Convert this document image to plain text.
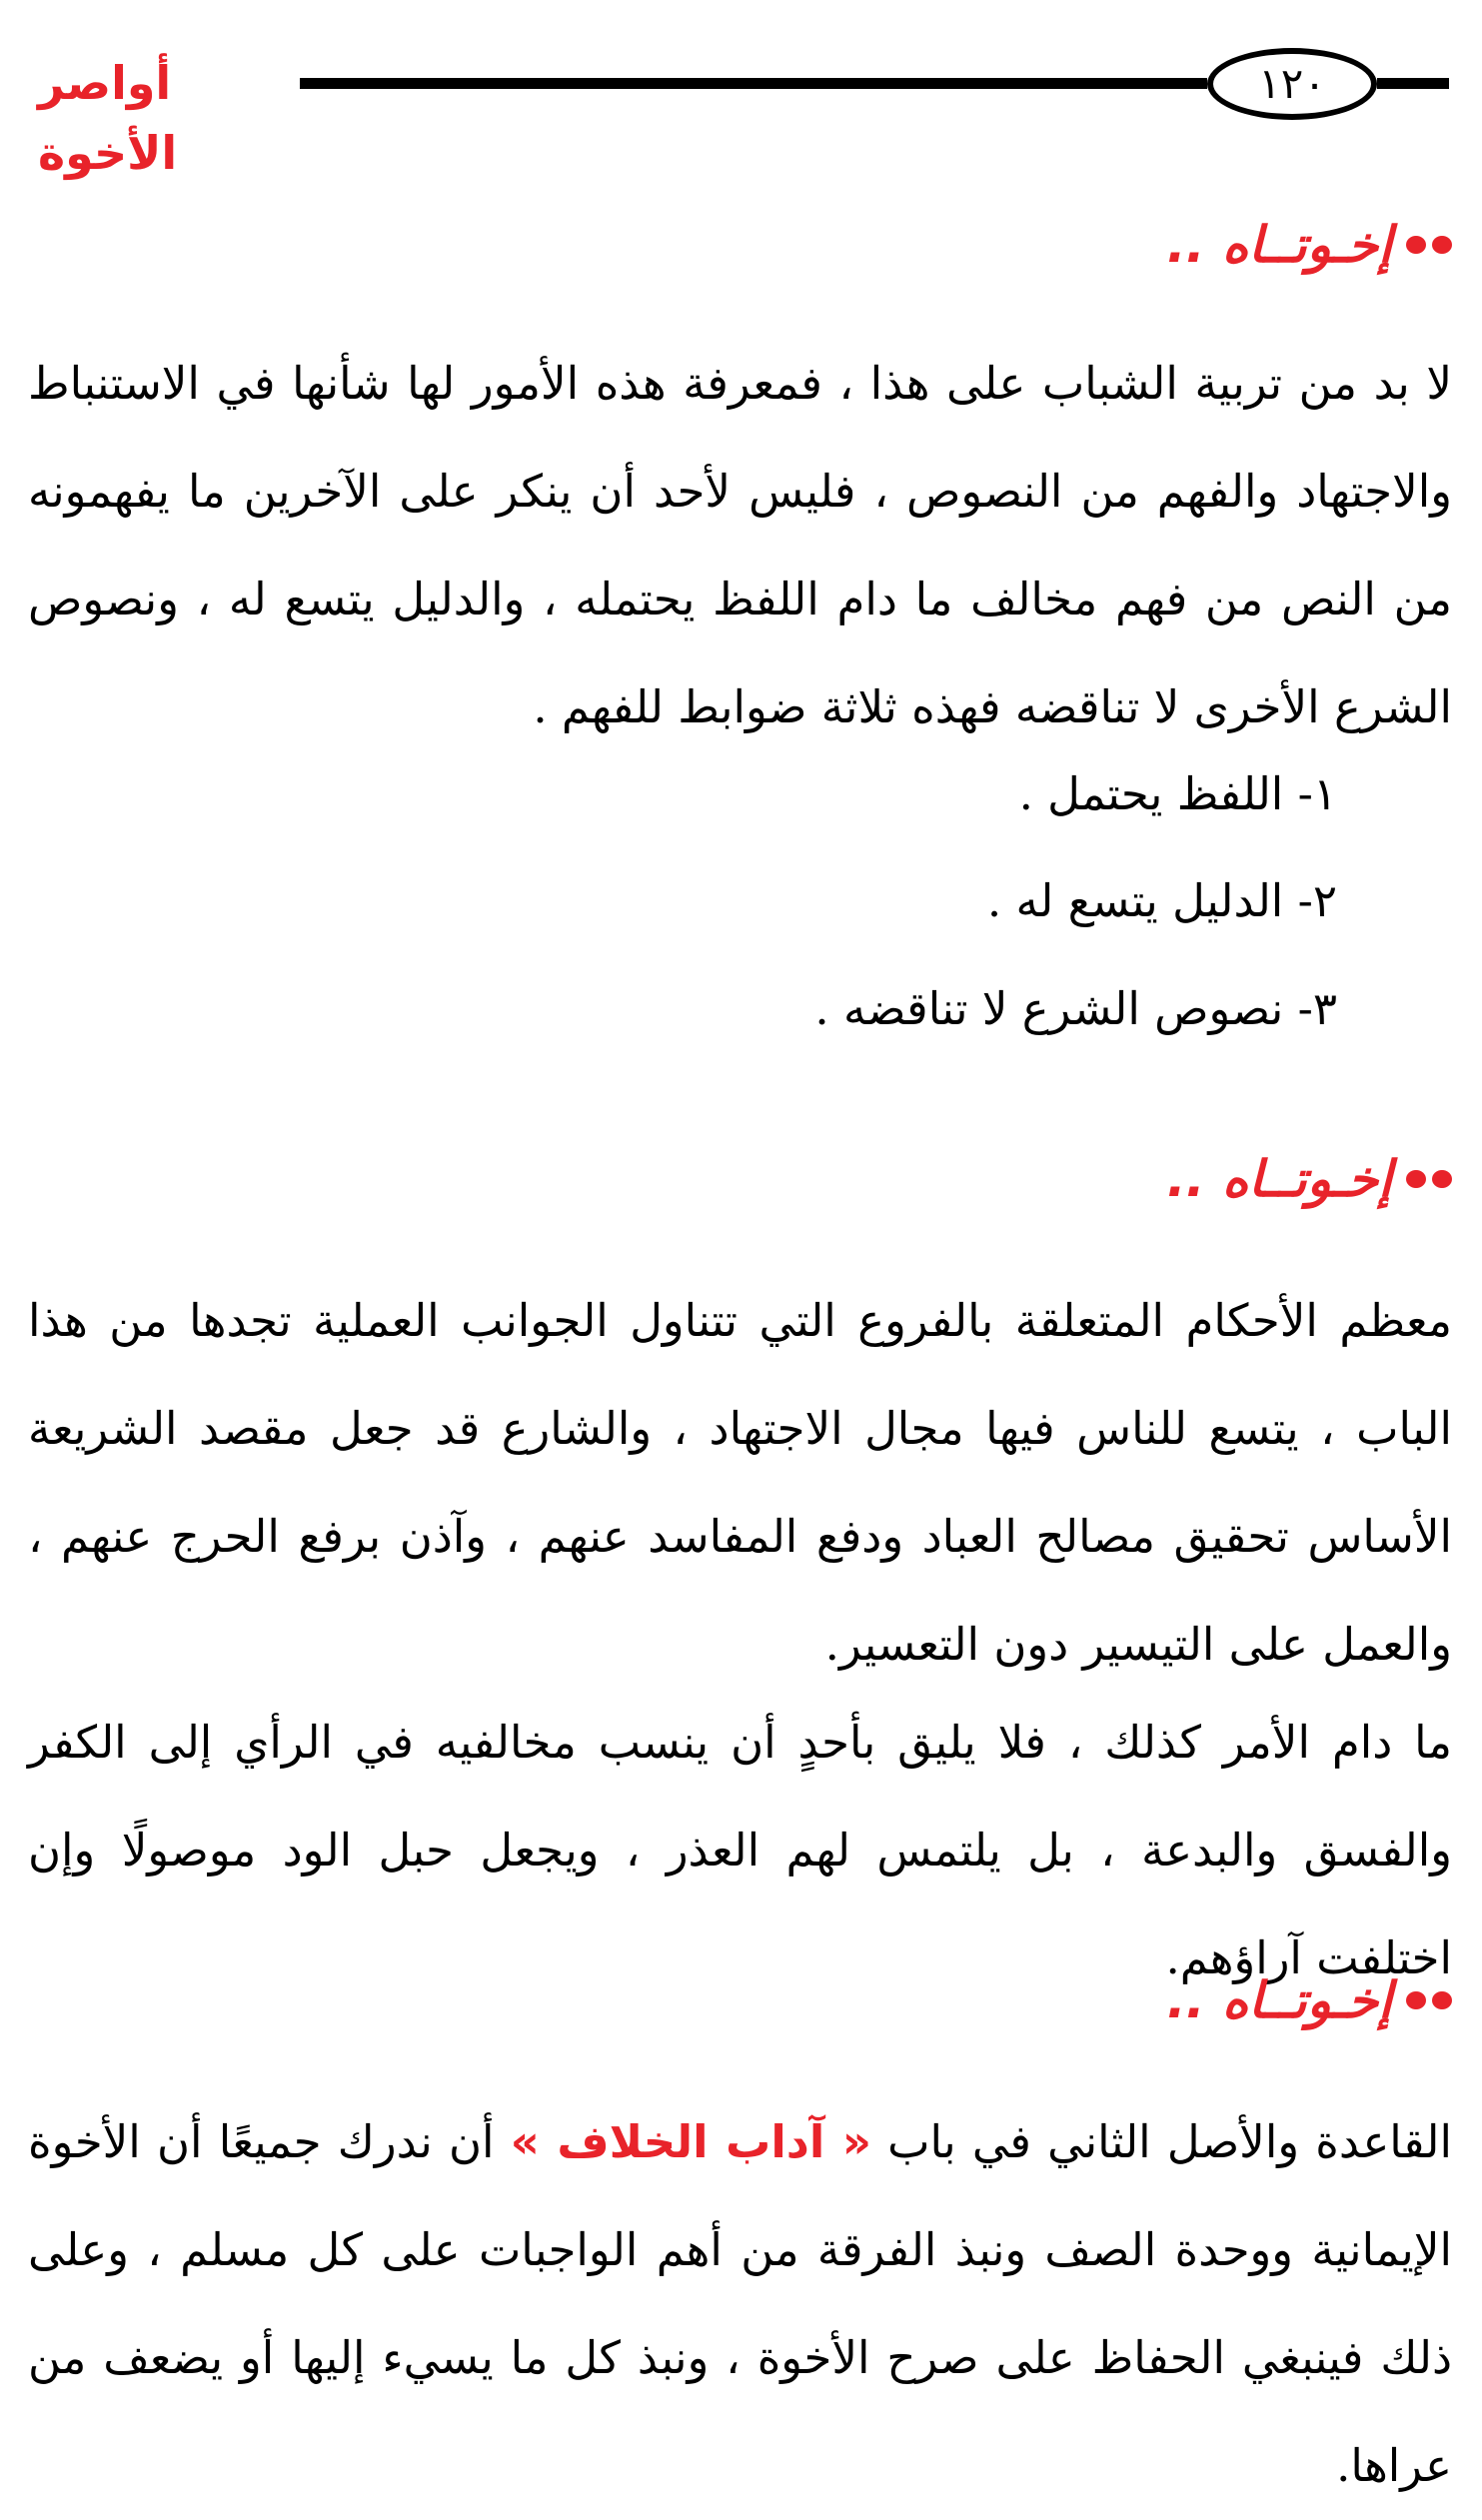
أواصر الأخوة
١٢٠
إخـوتــاه ..
لا بد من تربية الشباب على هذا ، فمعرفة هذه الأمور لها شأنها في الاستنباط والاجتهاد والفهم من النصوص ، فليس لأحد أن ينكر على الآخرين ما يفهمونه من النص من فهم مخالف ما دام اللفظ يحتمله ، والدليل يتسع له ، ونصوص الشرع الأخرى لا تناقضه فهذه ثلاثة ضوابط للفهم .
١- اللفظ يحتمل .
٢- الدليل يتسع له .
٣- نصوص الشرع لا تناقضه .
إخـوتــاه ..
معظم الأحكام المتعلقة بالفروع التي تتناول الجوانب العملية تجدها من هذا الباب ، يتسع للناس فيها مجال الاجتهاد ، والشارع قد جعل مقصد الشريعة الأساس تحقيق مصالح العباد ودفع المفاسد عنهم ، وآذن برفع الحرج عنهم ، والعمل على التيسير دون التعسير.
ما دام الأمر كذلك ، فلا يليق بأحدٍ أن ينسب مخالفيه في الرأي إلى الكفر والفسق والبدعة ، بل يلتمس لهم العذر ، ويجعل حبل الود موصولًا وإن اختلفت آراؤهم.
إخـوتــاه ..
القاعدة والأصل الثاني في باب « آداب الخلاف » أن ندرك جميعًا أن الأخوة الإيمانية ووحدة الصف ونبذ الفرقة من أهم الواجبات على كل مسلم ، وعلى ذلك فينبغي الحفاظ على صرح الأخوة ، ونبذ كل ما يسيء إليها أو يضعف من عراها.
